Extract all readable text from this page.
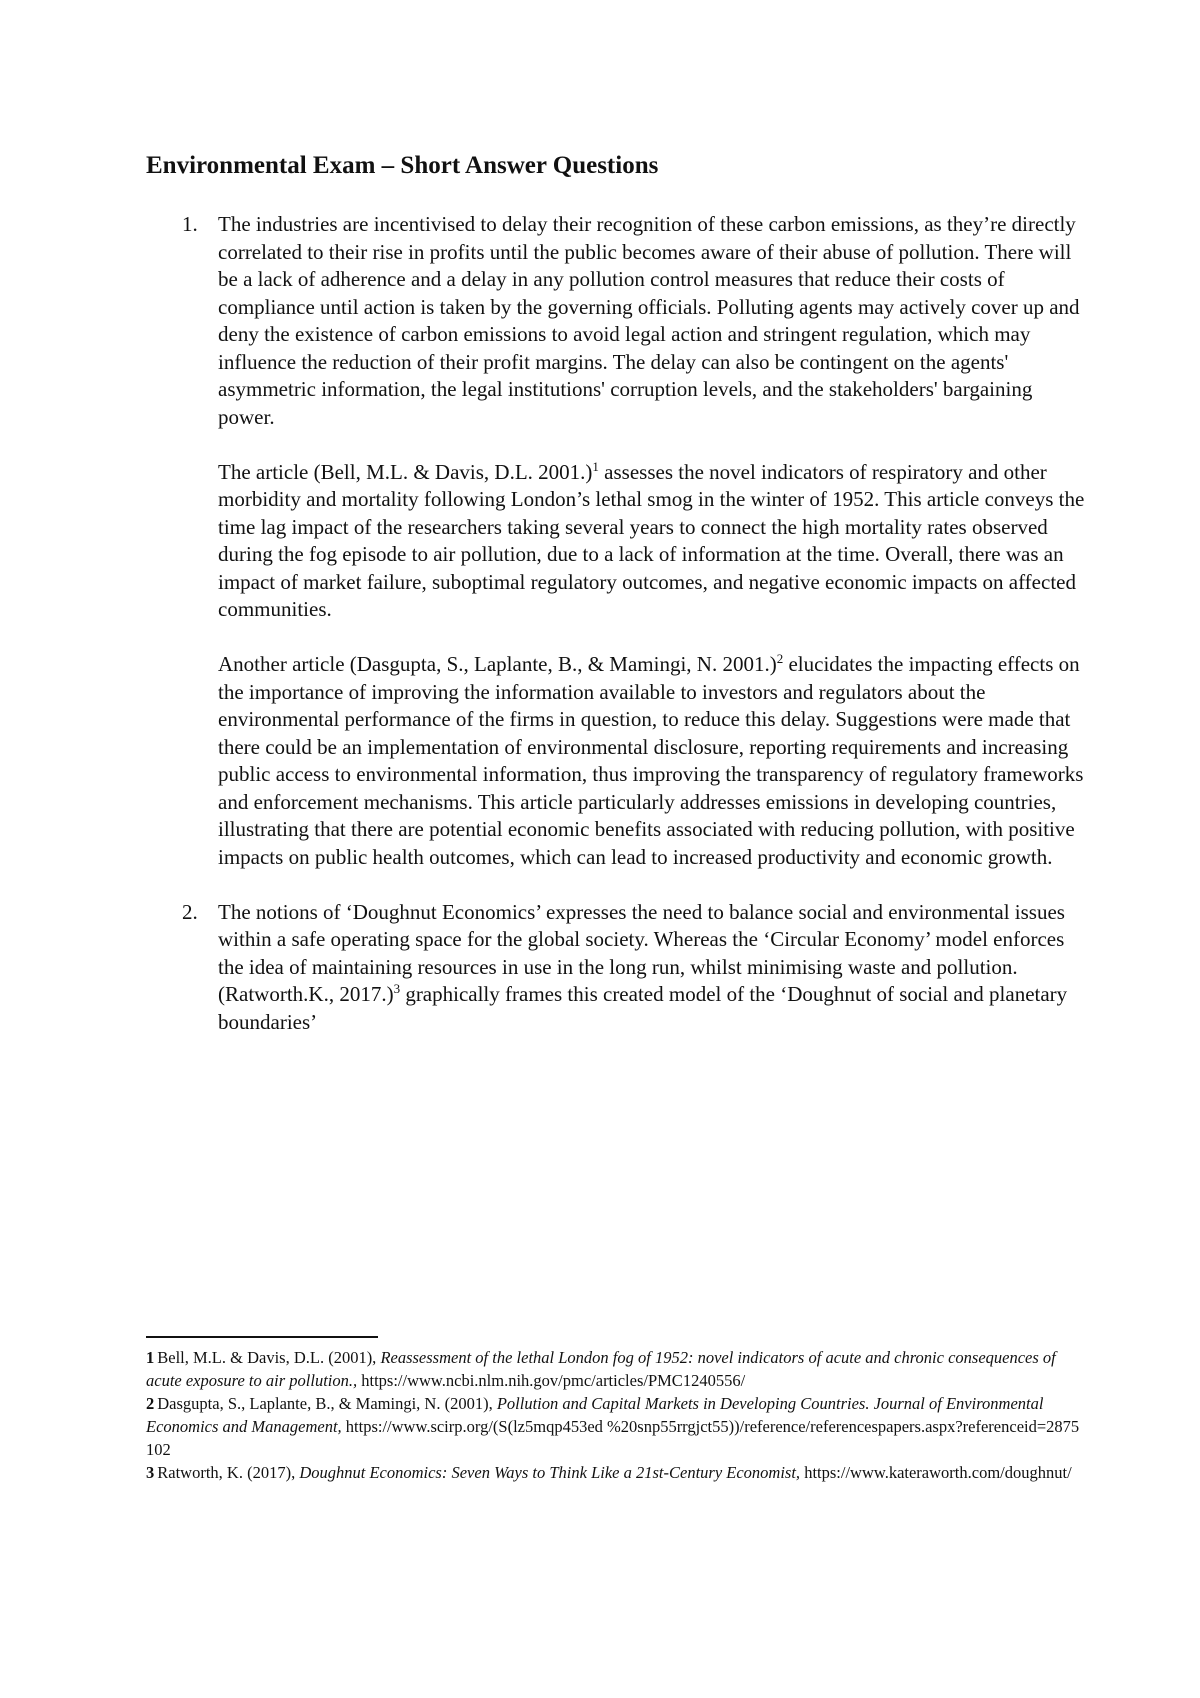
Environmental Exam – Short Answer Questions
1. The industries are incentivised to delay their recognition of these carbon emissions, as they’re directly correlated to their rise in profits until the public becomes aware of their abuse of pollution. There will be a lack of adherence and a delay in any pollution control measures that reduce their costs of compliance until action is taken by the governing officials. Polluting agents may actively cover up and deny the existence of carbon emissions to avoid legal action and stringent regulation, which may influence the reduction of their profit margins. The delay can also be contingent on the agents' asymmetric information, the legal institutions' corruption levels, and the stakeholders' bargaining power.

The article (Bell, M.L. & Davis, D.L. 2001.)$^1$ assesses the novel indicators of respiratory and other morbidity and mortality following London’s lethal smog in the winter of 1952. This article conveys the time lag impact of the researchers taking several years to connect the high mortality rates observed during the fog episode to air pollution, due to a lack of information at the time. Overall, there was an impact of market failure, suboptimal regulatory outcomes, and negative economic impacts on affected communities.

Another article (Dasgupta, S., Laplante, B., & Mamingi, N. 2001.)$^2$ elucidates the impacting effects on the importance of improving the information available to investors and regulators about the environmental performance of the firms in question, to reduce this delay. Suggestions were made that there could be an implementation of environmental disclosure, reporting requirements and increasing public access to environmental information, thus improving the transparency of regulatory frameworks and enforcement mechanisms. This article particularly addresses emissions in developing countries, illustrating that there are potential economic benefits associated with reducing pollution, with positive impacts on public health outcomes, which can lead to increased productivity and economic growth.

2. The notions of ‘Doughnut Economics’ expresses the need to balance social and environmental issues within a safe operating space for the global society. Whereas the ‘Circular Economy’ model enforces the idea of maintaining resources in use in the long run, whilst minimising waste and pollution. (Ratworth.K., 2017.)$^3$ graphically frames this created model of the ‘Doughnut of social and planetary boundaries’

1 Bell, M.L. & Davis, D.L. (2001), Reassessment of the lethal London fog of 1952: novel indicators of acute and chronic consequences of acute exposure to air pollution., https://www.ncbi.nlm.nih.gov/pmc/articles/PMC1240556/

2 Dasgupta, S., Laplante, B., & Mamingi, N. (2001), Pollution and Capital Markets in Developing Countries. Journal of Environmental Economics and Management, https://www.scirp.org/(S(lz5mqp453ed %20snp55rrgjct55))/reference/referencespapers.aspx?referenceid=2875102

3 Ratworth, K. (2017), Doughnut Economics: Seven Ways to Think Like a 21st-Century Economist, https://www.kateraworth.com/doughnut/
